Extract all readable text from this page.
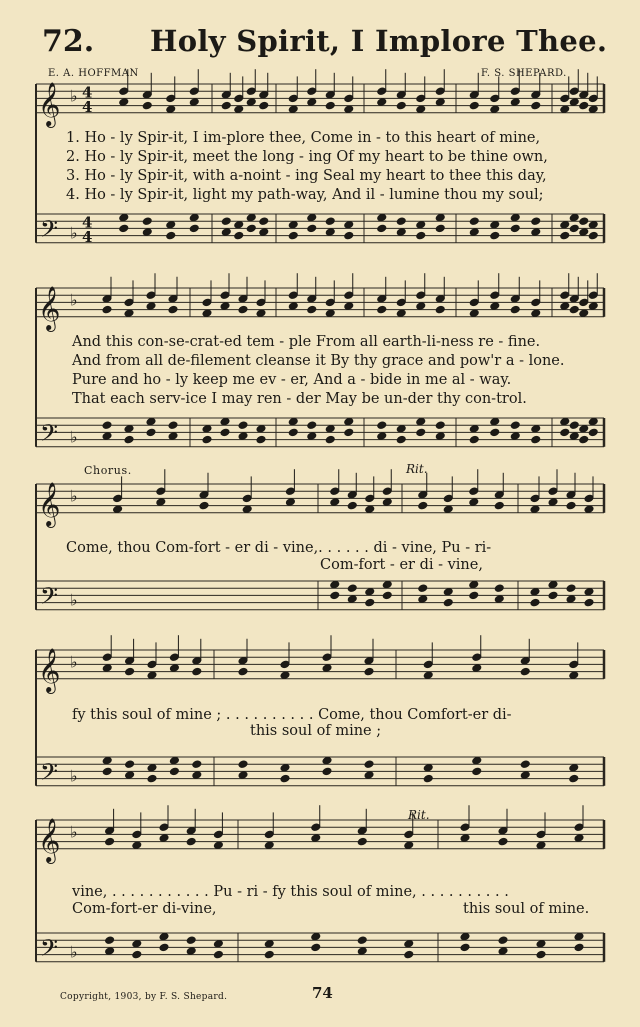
72. Holy Spirit, I Implore Thee.
E. A. HOFFMAN	F. S. SHEPARD.
𝄞
𝄢
♭
♭
4
4
4
4
𝄞
𝄢
♭
♭
𝄞
𝄢
♭
♭
𝄞
𝄢
♭
♭
𝄞
𝄢
♭
♭
1. Ho - ly Spir-it, I im-plore thee, Come in - to this heart of mine,
2. Ho - ly Spir-it, meet the long - ing Of my heart to be thine own,
3. Ho - ly Spir-it, with a-noint - ing Seal my heart to thee this day,
4. Ho - ly Spir-it, light my path-way, And il - lumine thou my soul;
And this con-se-crat-ed tem - ple From all earth-li-ness re - fine.
And from all de-filement cleanse it By thy grace and pow'r a - lone.
Pure and ho - ly keep me ev - er, And a - bide in me al - way.
That each serv-ice I may ren - der May be un-der thy con-trol.
Chorus.	Rit.
Rit.
Come, thou Com-fort - er di - vine,. . . . . . di - vine, Pu - ri-
Com-fort - er di - vine,
fy this soul of mine ; . . . . . . . . . . Come, thou Comfort-er di-
this soul of mine ;
vine, . . . . . . . . . . . Pu - ri - fy this soul of mine, . . . . . . . . . .
Com-fort-er di-vine,	this soul of mine.
Copyright, 1903, by F. S. Shepard.	74
